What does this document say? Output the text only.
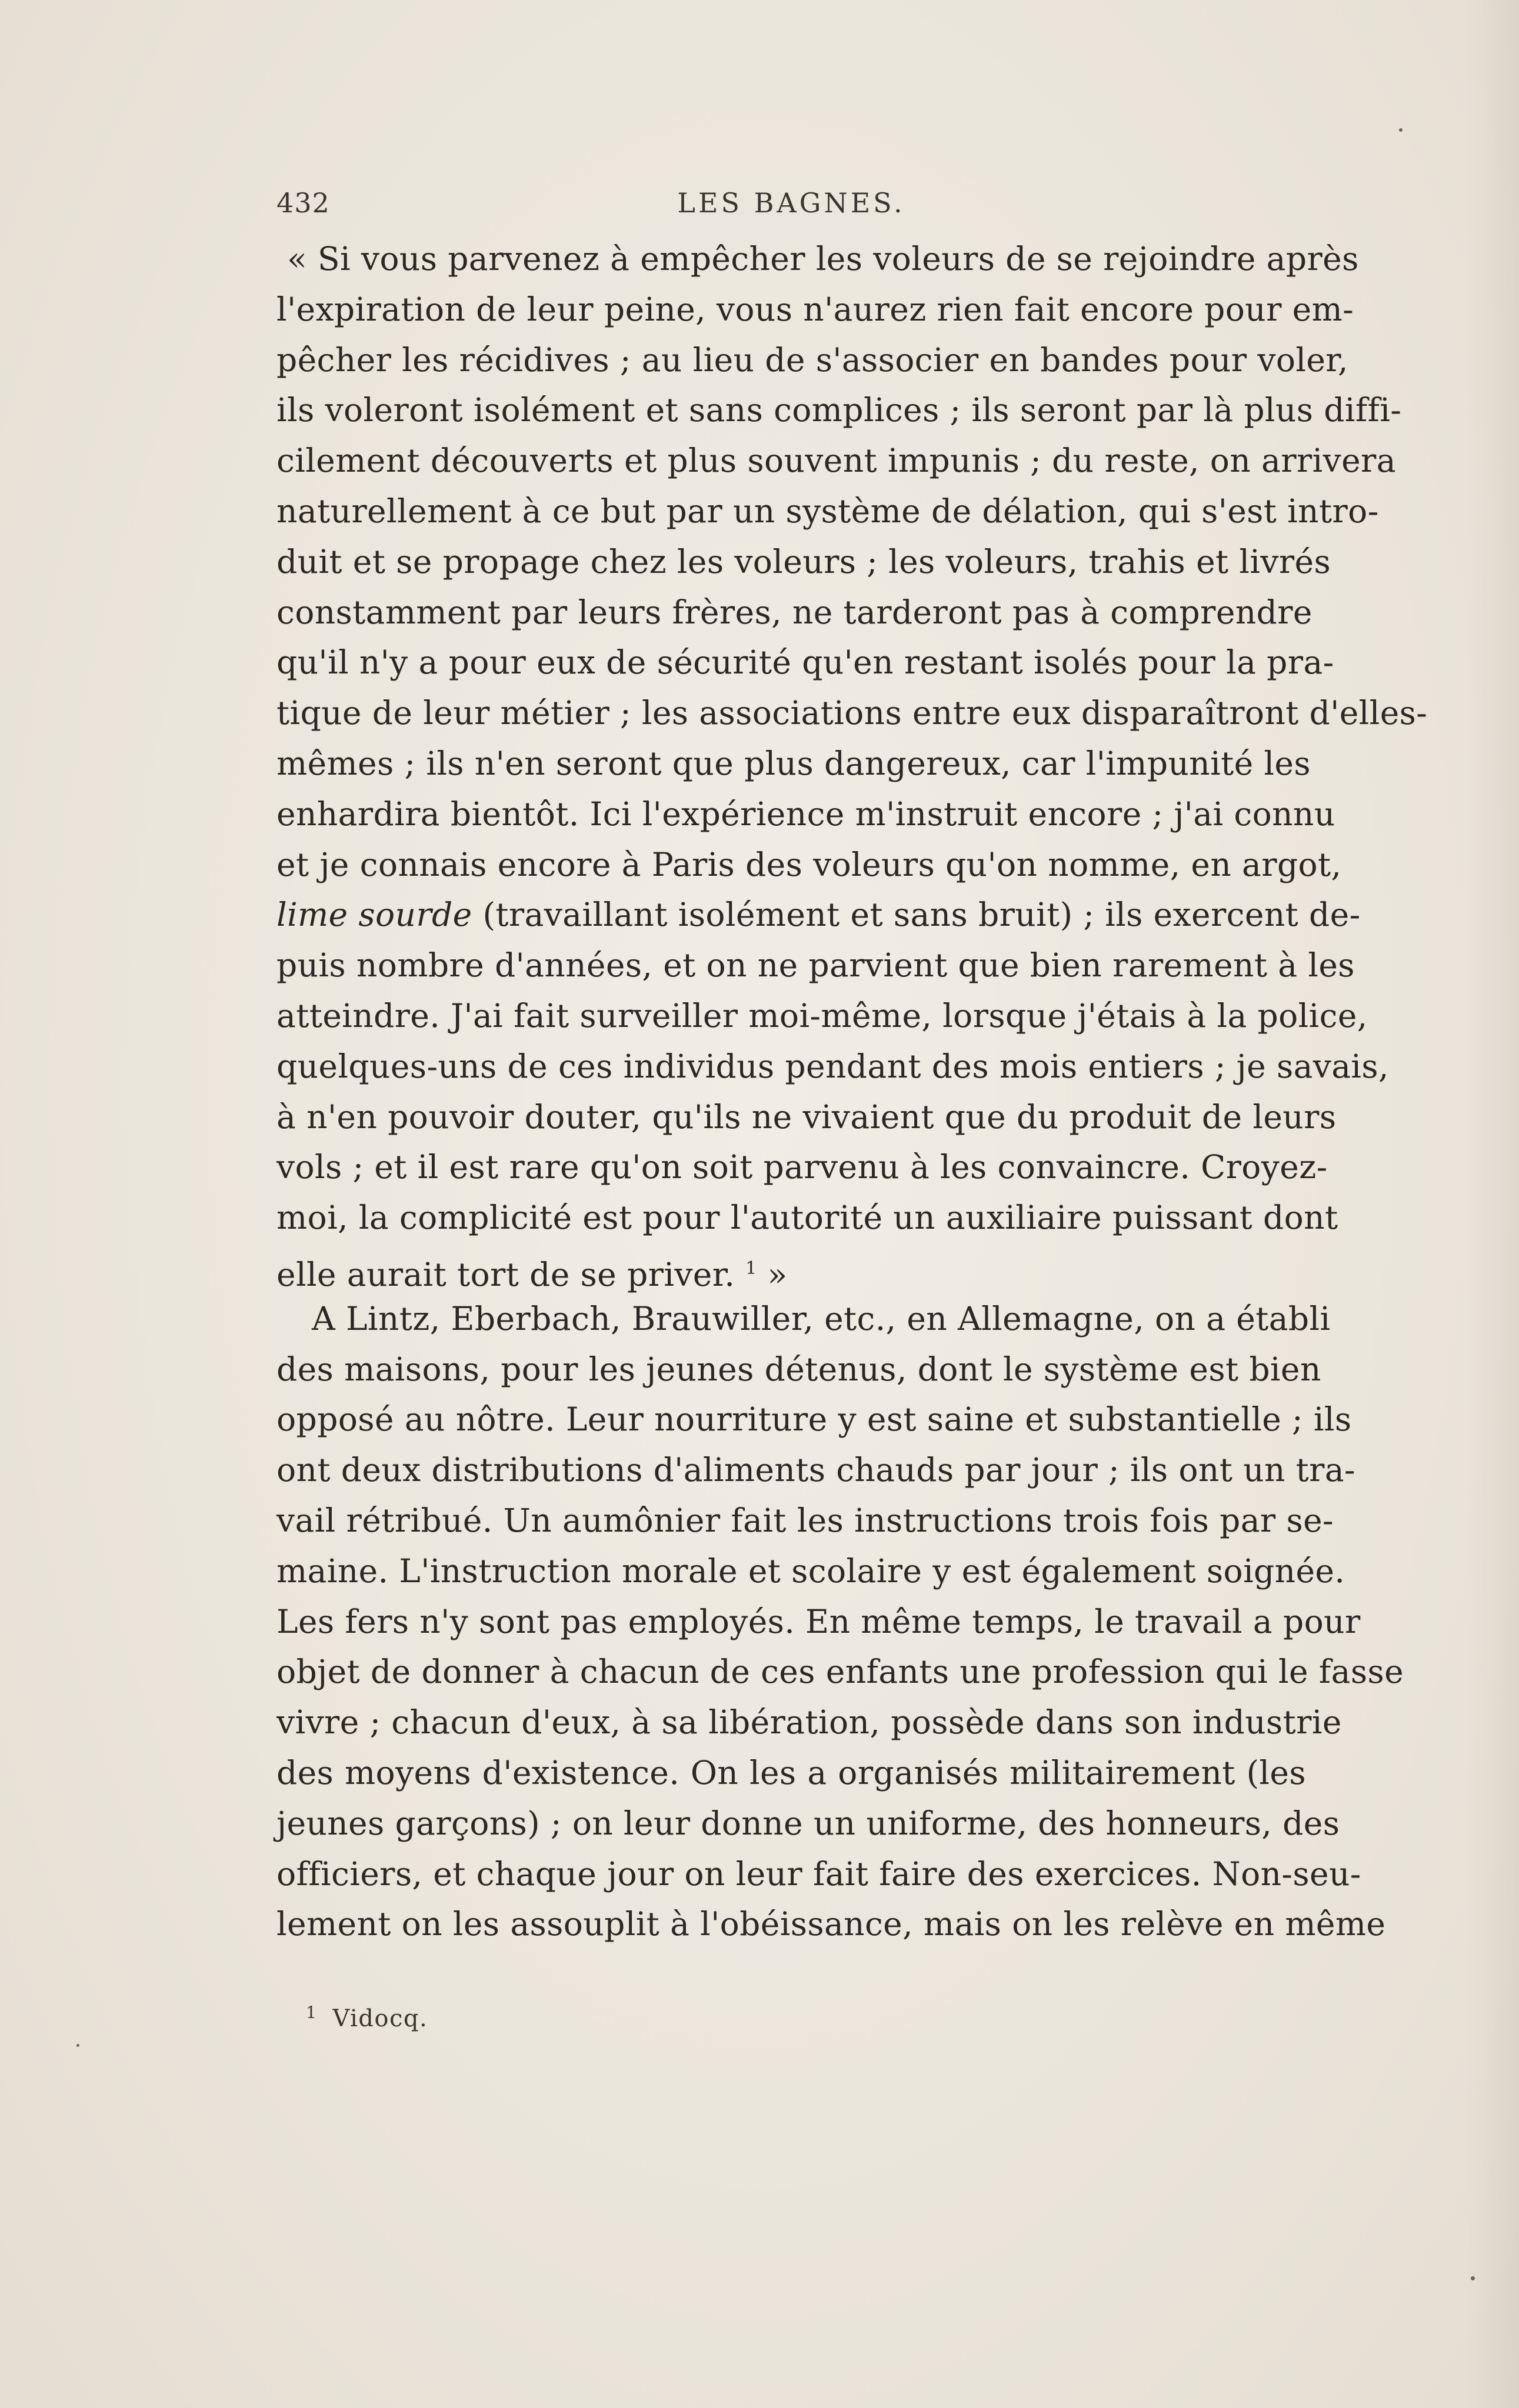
432	LES BAGNES.
« Si vous parvenez à empêcher les voleurs de se rejoindre après
l'expiration de leur peine, vous n'aurez rien fait encore pour em-
pêcher les récidives ; au lieu de s'associer en bandes pour voler,
ils voleront isolément et sans complices ; ils seront par là plus diffi-
cilement découverts et plus souvent impunis ; du reste, on arrivera
naturellement à ce but par un système de délation, qui s'est intro-
duit et se propage chez les voleurs ; les voleurs, trahis et livrés
constamment par leurs frères, ne tarderont pas à comprendre
qu'il n'y a pour eux de sécurité qu'en restant isolés pour la pra-
tique de leur métier ; les associations entre eux disparaîtront d'elles-
mêmes ; ils n'en seront que plus dangereux, car l'impunité les
enhardira bientôt. Ici l'expérience m'instruit encore ; j'ai connu
et je connais encore à Paris des voleurs qu'on nomme, en argot,
lime sourde (travaillant isolément et sans bruit) ; ils exercent de-
puis nombre d'années, et on ne parvient que bien rarement à les
atteindre. J'ai fait surveiller moi-même, lorsque j'étais à la police,
quelques-uns de ces individus pendant des mois entiers ; je savais,
à n'en pouvoir douter, qu'ils ne vivaient que du produit de leurs
vols ; et il est rare qu'on soit parvenu à les convaincre. Croyez-
moi, la complicité est pour l'autorité un auxiliaire puissant dont
elle aurait tort de se priver. $^1$ »
A Lintz, Eberbach, Brauwiller, etc., en Allemagne, on a établi
des maisons, pour les jeunes détenus, dont le système est bien
opposé au nôtre. Leur nourriture y est saine et substantielle ; ils
ont deux distributions d'aliments chauds par jour ; ils ont un tra-
vail rétribué. Un aumônier fait les instructions trois fois par se-
maine. L'instruction morale et scolaire y est également soignée.
Les fers n'y sont pas employés. En même temps, le travail a pour
objet de donner à chacun de ces enfants une profession qui le fasse
vivre ; chacun d'eux, à sa libération, possède dans son industrie
des moyens d'existence. On les a organisés militairement (les
jeunes garçons) ; on leur donne un uniforme, des honneurs, des
officiers, et chaque jour on leur fait faire des exercices. Non-seu-
lement on les assouplit à l'obéissance, mais on les relève en même
$^1$ Vidocq.
